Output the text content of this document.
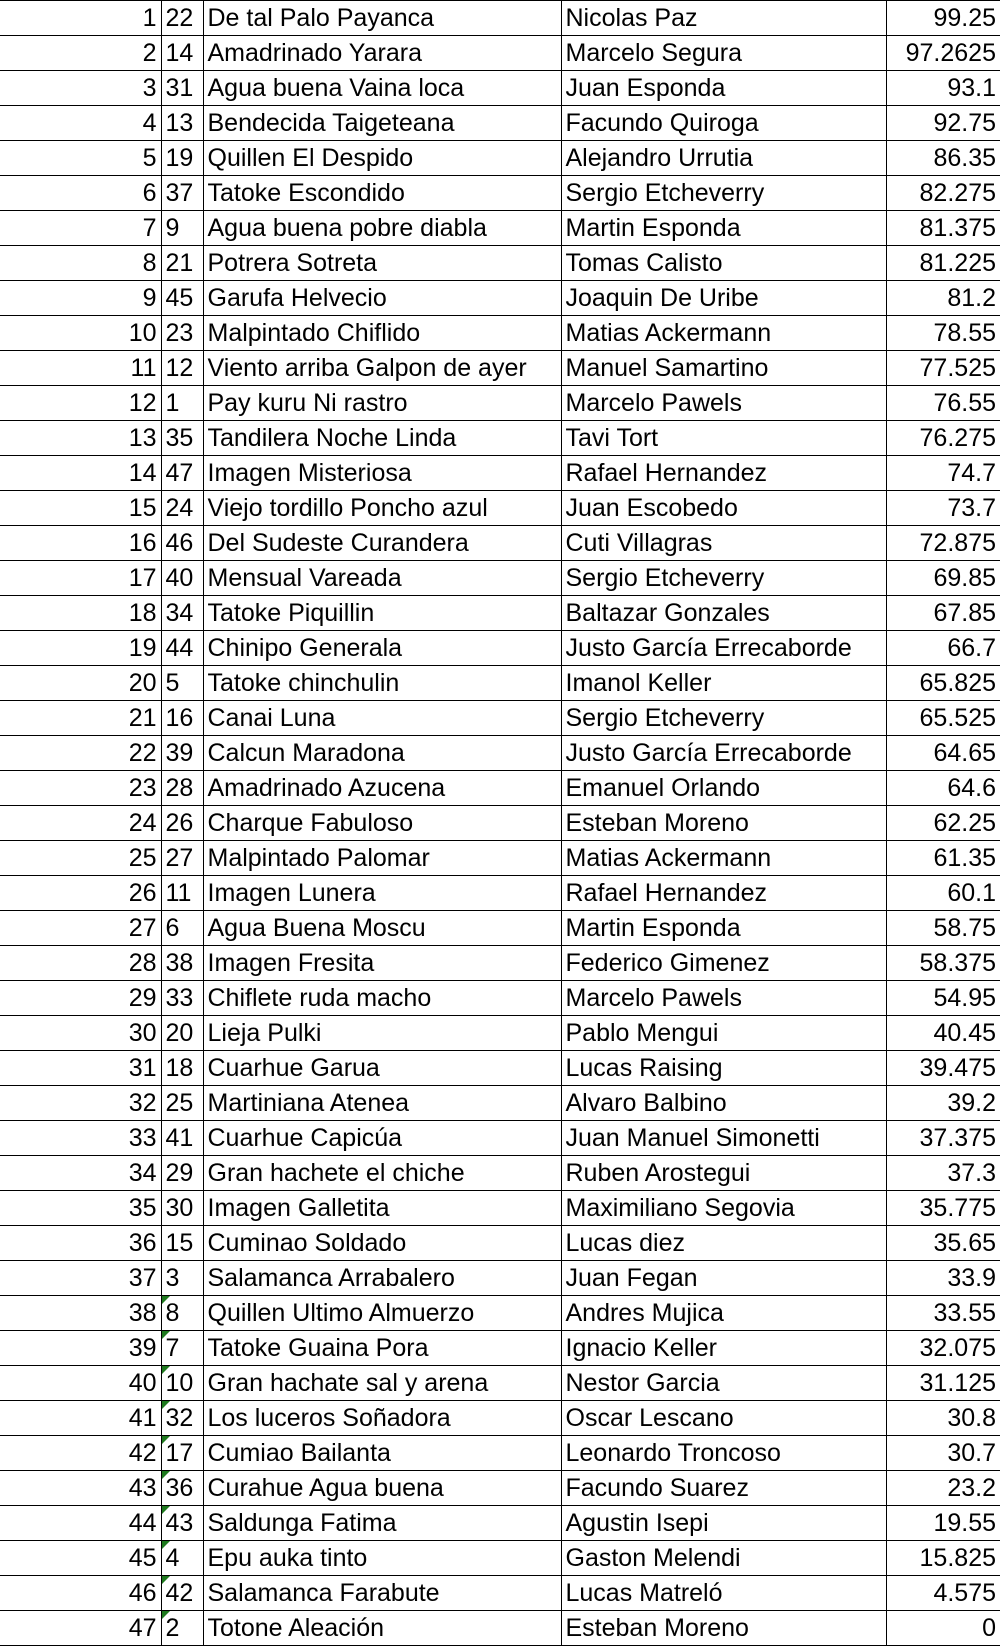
1	22	De tal Palo Payanca	Nicolas Paz	99.25
2	14	Amadrinado Yarara	Marcelo Segura	97.2625
3	31	Agua buena Vaina loca	Juan Esponda	93.1
4	13	Bendecida Taigeteana	Facundo Quiroga	92.75
5	19	Quillen El Despido	Alejandro Urrutia	86.35
6	37	Tatoke Escondido	Sergio Etcheverry	82.275
7	9	Agua buena pobre diabla	Martin Esponda	81.375
8	21	Potrera Sotreta	Tomas Calisto	81.225
9	45	Garufa Helvecio	Joaquin De Uribe	81.2
10	23	Malpintado Chiflido	Matias Ackermann	78.55
11	12	Viento arriba Galpon de ayer	Manuel Samartino	77.525
12	1	Pay kuru Ni rastro	Marcelo Pawels	76.55
13	35	Tandilera Noche Linda	Tavi Tort	76.275
14	47	Imagen Misteriosa	Rafael Hernandez	74.7
15	24	Viejo tordillo Poncho azul	Juan Escobedo	73.7
16	46	Del Sudeste Curandera	Cuti Villagras	72.875
17	40	Mensual Vareada	Sergio Etcheverry	69.85
18	34	Tatoke Piquillin	Baltazar Gonzales	67.85
19	44	Chinipo Generala	Justo García Errecaborde	66.7
20	5	Tatoke chinchulin	Imanol Keller	65.825
21	16	Canai Luna	Sergio Etcheverry	65.525
22	39	Calcun Maradona	Justo García Errecaborde	64.65
23	28	Amadrinado Azucena	Emanuel Orlando	64.6
24	26	Charque Fabuloso	Esteban Moreno	62.25
25	27	Malpintado Palomar	Matias Ackermann	61.35
26	11	Imagen Lunera	Rafael Hernandez	60.1
27	6	Agua Buena Moscu	Martin Esponda	58.75
28	38	Imagen Fresita	Federico Gimenez	58.375
29	33	Chiflete ruda macho	Marcelo Pawels	54.95
30	20	Lieja Pulki	Pablo Mengui	40.45
31	18	Cuarhue Garua	Lucas Raising	39.475
32	25	Martiniana Atenea	Alvaro Balbino	39.2
33	41	Cuarhue Capicúa	Juan Manuel Simonetti	37.375
34	29	Gran hachete el chiche	Ruben Arostegui	37.3
35	30	Imagen Galletita	Maximiliano Segovia	35.775
36	15	Cuminao Soldado	Lucas diez	35.65
37	3	Salamanca Arrabalero	Juan Fegan	33.9
38	8	Quillen Ultimo Almuerzo	Andres Mujica	33.55
39	7	Tatoke Guaina Pora	Ignacio Keller	32.075
40	10	Gran hachate sal y arena	Nestor Garcia	31.125
41	32	Los luceros Soñadora	Oscar Lescano	30.8
42	17	Cumiao Bailanta	Leonardo Troncoso	30.7
43	36	Curahue Agua buena	Facundo Suarez	23.2
44	43	Saldunga Fatima	Agustin Isepi	19.55
45	4	Epu auka tinto	Gaston Melendi	15.825
46	42	Salamanca Farabute	Lucas Matreló	4.575
47	2	Totone Aleación	Esteban Moreno	0
